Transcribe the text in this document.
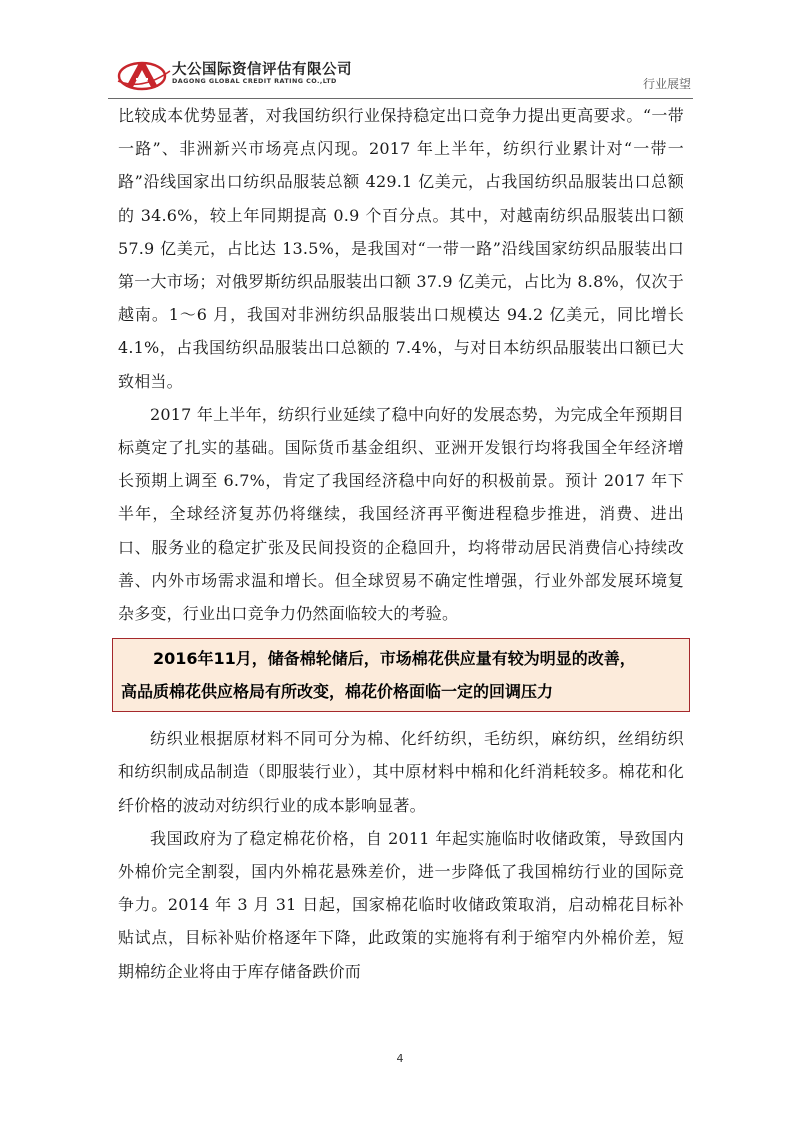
大公国际资信评估有限公司
DAGONG GLOBAL CREDIT RATING CO.,LTD	行业展望

比较成本优势显著，对我国纺织行业保持稳定出口竞争力提出更高要求。“一带一路”、非洲新兴市场亮点闪现。2017 年上半年，纺织行业累计对“一带一路”沿线国家出口纺织品服装总额 429.1 亿美元，占我国纺织品服装出口总额的 34.6%，较上年同期提高 0.9 个百分点。其中，对越南纺织品服装出口额 57.9 亿美元，占比达 13.5%，是我国对“一带一路”沿线国家纺织品服装出口第一大市场；对俄罗斯纺织品服装出口额 37.9 亿美元，占比为 8.8%，仅次于越南。1～6 月，我国对非洲纺织品服装出口规模达 94.2 亿美元，同比增长 4.1%，占我国纺织品服装出口总额的 7.4%，与对日本纺织品服装出口额已大致相当。

2017 年上半年，纺织行业延续了稳中向好的发展态势，为完成全年预期目标奠定了扎实的基础。国际货币基金组织、亚洲开发银行均将我国全年经济增长预期上调至 6.7%，肯定了我国经济稳中向好的积极前景。预计 2017 年下半年，全球经济复苏仍将继续，我国经济再平衡进程稳步推进，消费、进出口、服务业的稳定扩张及民间投资的企稳回升，均将带动居民消费信心持续改善、内外市场需求温和增长。但全球贸易不确定性增强，行业外部发展环境复杂多变，行业出口竞争力仍然面临较大的考验。

2016年11月，储备棉轮储后，市场棉花供应量有较为明显的改善，
高品质棉花供应格局有所改变，棉花价格面临一定的回调压力

纺织业根据原材料不同可分为棉、化纤纺织，毛纺织，麻纺织，丝绢纺织和纺织制成品制造（即服装行业），其中原材料中棉和化纤消耗较多。棉花和化纤价格的波动对纺织行业的成本影响显著。

我国政府为了稳定棉花价格，自 2011 年起实施临时收储政策，导致国内外棉价完全割裂，国内外棉花悬殊差价，进一步降低了我国棉纺行业的国际竞争力。2014 年 3 月 31 日起，国家棉花临时收储政策取消，启动棉花目标补贴试点，目标补贴价格逐年下降，此政策的实施将有利于缩窄内外棉价差，短期棉纺企业将由于库存储备跌价而

4
